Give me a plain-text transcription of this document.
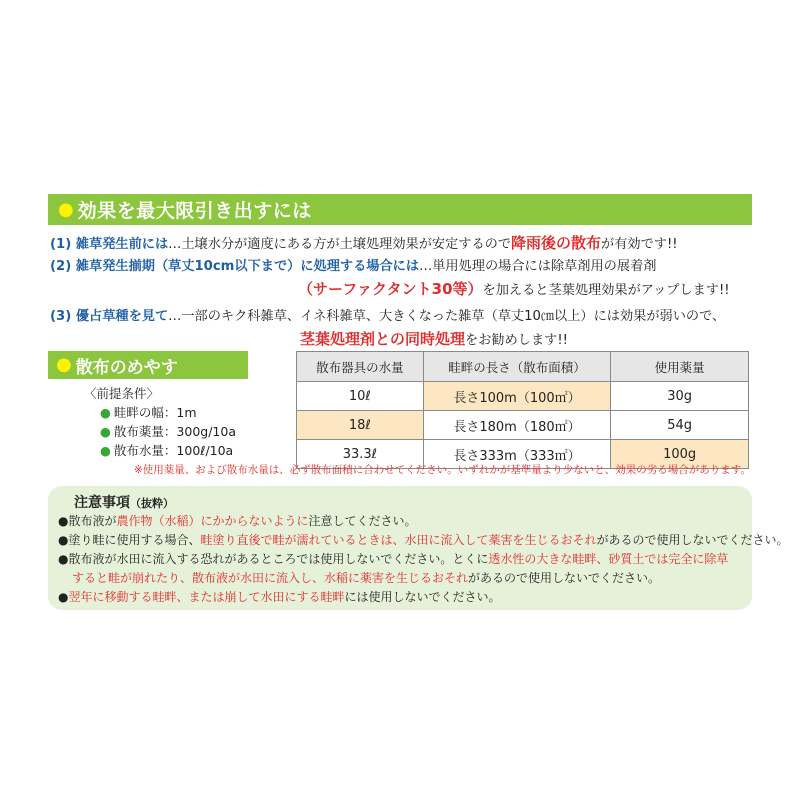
● 効果を最大限引き出すには
(1) 雑草発生前には…土壌水分が適度にある方が土壌処理効果が安定するので降雨後の散布が有効です!!
(2) 雑草発生揃期（草丈10cm以下まで）に処理する場合には…単用処理の場合には除草剤用の展着剤
（サーファクタント30等）を加えると茎葉処理効果がアップします!!
(3) 優占草種を見て…一部のキク科雑草、イネ科雑草、大きくなった雑草（草丈10㎝以上）には効果が弱いので、
茎葉処理剤との同時処理をお勧めします!!
● 散布のめやす
〈前提条件〉
● 畦畔の幅：1m
● 散布薬量：300g/10a
● 散布水量：100ℓ/10a
散布器具の水量	畦畔の長さ（散布面積）	使用薬量
10ℓ	長さ100m（100㎡）	30g
18ℓ	長さ180m（180㎡）	54g
33.3ℓ	長さ333m（333㎡）	100g
※使用薬量、および散布水量は、必ず散布面積に合わせてください。いずれかが基準量より少ないと、効果の劣る場合があります。
注意事項（抜粋）
●散布液が農作物（水稲）にかからないように注意してください。
●塗り畦に使用する場合、畦塗り直後で畦が濡れているときは、水田に流入して薬害を生じるおそれがあるので使用しないでください。
●散布液が水田に流入する恐れがあるところでは使用しないでください。とくに透水性の大きな畦畔、砂質土では完全に除草
すると畦が崩れたり、散布液が水田に流入し、水稲に薬害を生じるおそれがあるので使用しないでください。
●翌年に移動する畦畔、または崩して水田にする畦畔には使用しないでください。
